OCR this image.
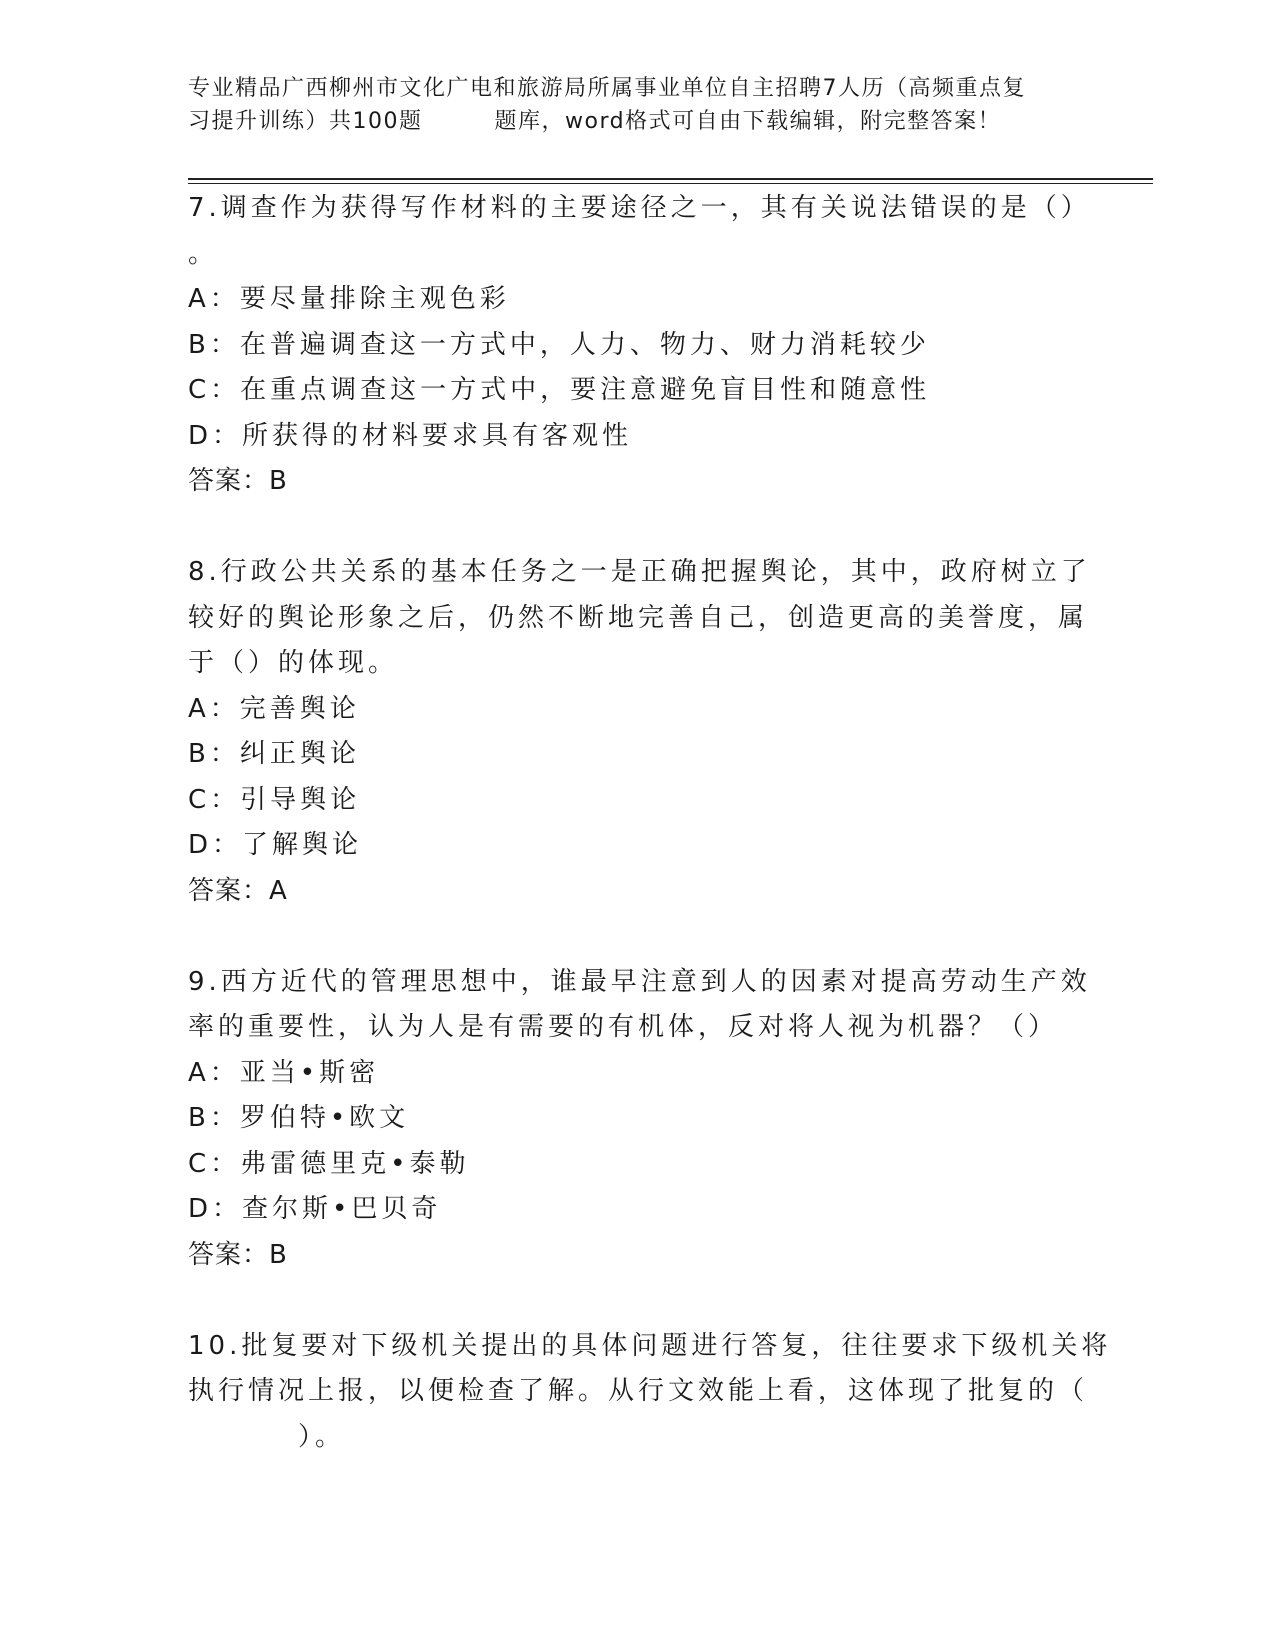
专业精品广西柳州市文化广电和旅游局所属事业单位自主招聘7人历（高频重点复
习提升训练）共100题	题库，word格式可自由下载编辑，附完整答案！
7.调查作为获得写作材料的主要途径之一，其有关说法错误的是（）
。
A：要尽量排除主观色彩
B：在普遍调查这一方式中，人力、物力、财力消耗较少
C：在重点调查这一方式中，要注意避免盲目性和随意性
D：所获得的材料要求具有客观性
答案：B
8.行政公共关系的基本任务之一是正确把握舆论，其中，政府树立了
较好的舆论形象之后，仍然不断地完善自己，创造更高的美誉度，属
于（）的体现。
A：完善舆论
B：纠正舆论
C：引导舆论
D：了解舆论
答案：A
9.西方近代的管理思想中，谁最早注意到人的因素对提高劳动生产效
率的重要性，认为人是有需要的有机体，反对将人视为机器？（）
A：亚当•斯密
B：罗伯特•欧文
C：弗雷德里克•泰勒
D：查尔斯•巴贝奇
答案：B
10.批复要对下级机关提出的具体问题进行答复，往往要求下级机关将
执行情况上报，以便检查了解。从行文效能上看，这体现了批复的（
）。
